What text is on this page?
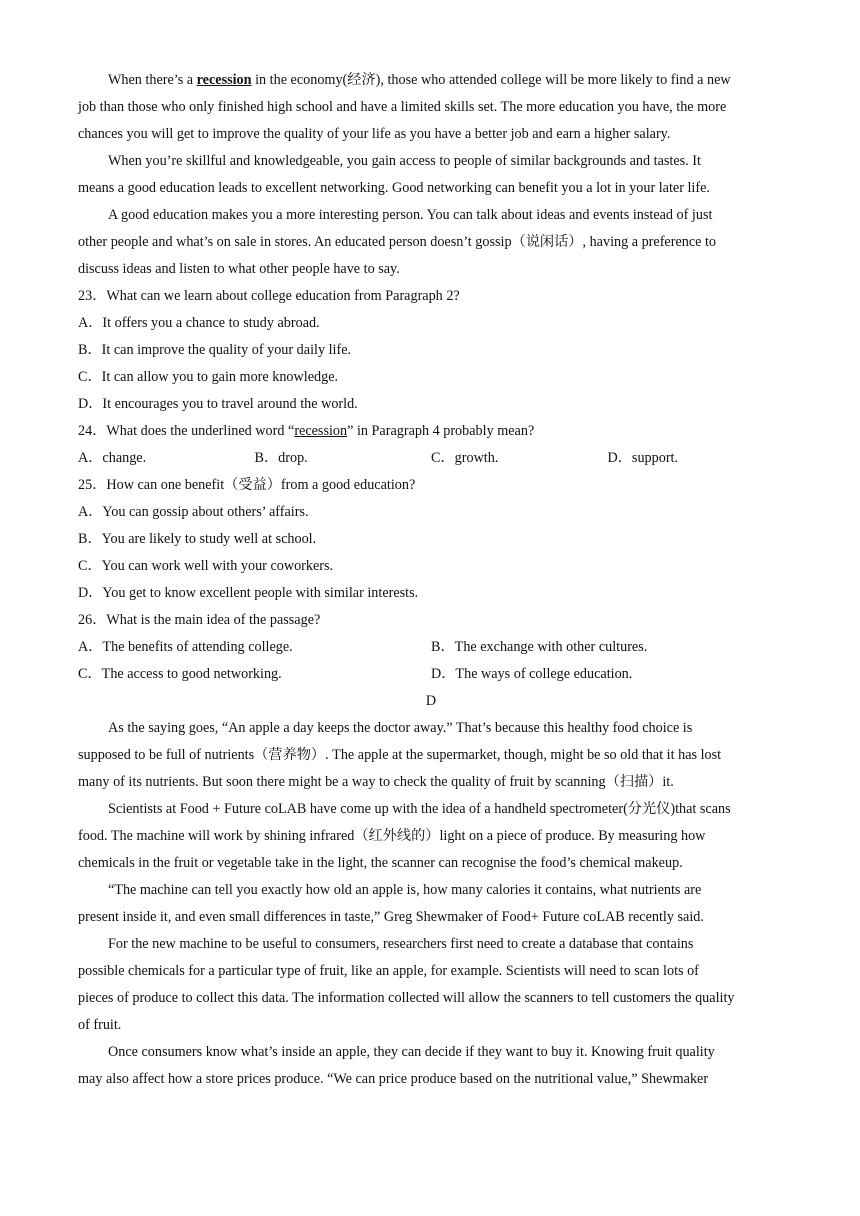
When there’s a recession in the economy(经济), those who attended college will be more likely to find a new
job than those who only finished high school and have a limited skills set. The more education you have, the more
chances you will get to improve the quality of your life as you have a better job and earn a higher salary.
When you’re skillful and knowledgeable, you gain access to people of similar backgrounds and tastes. It
means a good education leads to excellent networking. Good networking can benefit you a lot in your later life.
A good education makes you a more interesting person. You can talk about ideas and events instead of just
other people and what’s on sale in stores. An educated person doesn’t gossip（说闲话）, having a preference to
discuss ideas and listen to what other people have to say.
23．What can we learn about college education from Paragraph 2?
A．It offers you a chance to study abroad.
B．It can improve the quality of your daily life.
C．It can allow you to gain more knowledge.
D．It encourages you to travel around the world.
24．What does the underlined word “recession” in Paragraph 4 probably mean?
A．change.	B．drop.	C．growth.	D．support.
25．How can one benefit（受益）from a good education?
A．You can gossip about others’ affairs.
B．You are likely to study well at school.
C．You can work well with your coworkers.
D．You get to know excellent people with similar interests.
26．What is the main idea of the passage?
A．The benefits of attending college.	B．The exchange with other cultures.
C．The access to good networking.	D．The ways of college education.
D
As the saying goes, “An apple a day keeps the doctor away.” That’s because this healthy food choice is
supposed to be full of nutrients（营养物）. The apple at the supermarket, though, might be so old that it has lost
many of its nutrients. But soon there might be a way to check the quality of fruit by scanning（扫描）it.
Scientists at Food + Future coLAB have come up with the idea of a handheld spectrometer(分光仪)that scans
food. The machine will work by shining infrared（红外线的）light on a piece of produce. By measuring how
chemicals in the fruit or vegetable take in the light, the scanner can recognise the food’s chemical makeup.
“The machine can tell you exactly how old an apple is, how many calories it contains, what nutrients are
present inside it, and even small differences in taste,” Greg Shewmaker of Food+ Future coLAB recently said.
For the new machine to be useful to consumers, researchers first need to create a database that contains
possible chemicals for a particular type of fruit, like an apple, for example. Scientists will need to scan lots of
pieces of produce to collect this data. The information collected will allow the scanners to tell customers the quality
of fruit.
Once consumers know what’s inside an apple, they can decide if they want to buy it. Knowing fruit quality
may also affect how a store prices produce. “We can price produce based on the nutritional value,” Shewmaker
